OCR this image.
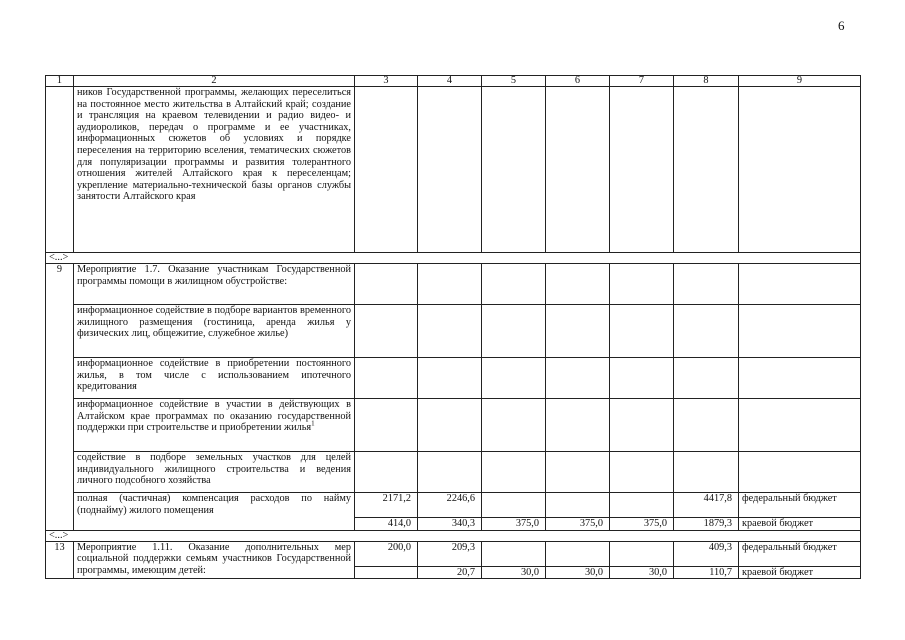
6
1	2	3	4	5	6	7	8	9
	ников Государственной программы, желающих переселиться на постоянное место жительства в Алтайский край; создание и трансляция на краевом телевидении и радио видео- и аудиороликов, передач о программе и ее участниках, информационных сюжетов об условиях и порядке переселения на территорию вселения, тематических сюжетов для популяризации программы и развития толерантного отношения жителей Алтайского края к переселенцам; укрепление материально-технической базы органов службы занятости Алтайского края							
<...>								
9	Мероприятие 1.7. Оказание участникам Государственной программы помощи в жилищном обустройстве:							
	информационное содействие в подборе вариантов временного жилищного размещения (гостиница, аренда жилья у физических лиц, общежитие, служебное жилье)							
	информационное содействие в приобретении постоянного жилья, в том числе с использованием ипотечного кредитования							
	информационное содействие в участии в действующих в Алтайском крае программах по оказанию государственной поддержки при строительстве и приобретении жилья$^1$							
	содействие в подборе земельных участков для целей индивидуального жилищного строительства и ведения личного подсобного хозяйства							
	полная (частичная) компенсация расходов по найму (поднайму) жилого помещения	2171,2	2246,6				4417,8	федеральный бюджет
		414,0	340,3	375,0	375,0	375,0	1879,3	краевой бюджет
<...>								
13	Мероприятие 1.11. Оказание дополнительных мер социальной поддержки семьям участников Государственной программы, имеющим детей:	200,0	209,3				409,3	федеральный бюджет
			20,7	30,0	30,0	30,0	110,7	краевой бюджет
